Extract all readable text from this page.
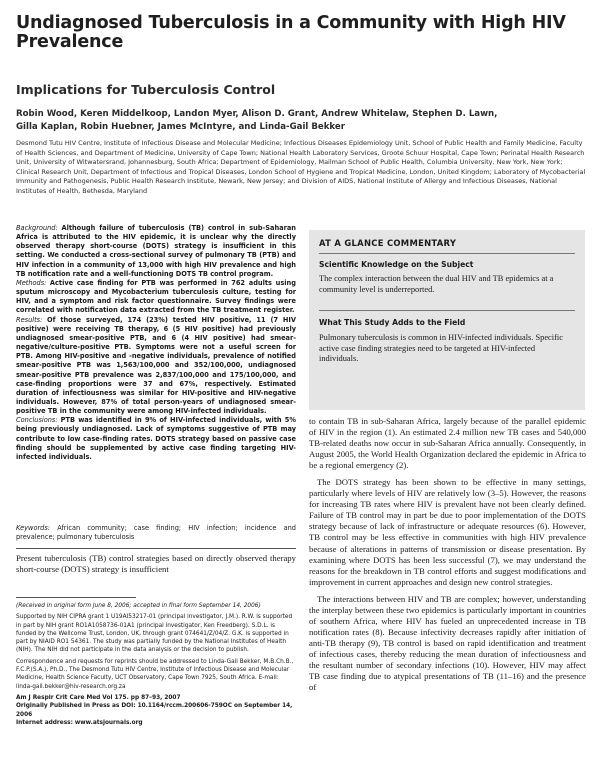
Undiagnosed Tuberculosis in a Community with High HIV Prevalence
Implications for Tuberculosis Control
Robin Wood, Keren Middelkoop, Landon Myer, Alison D. Grant, Andrew Whitelaw, Stephen D. Lawn,
Gilla Kaplan, Robin Huebner, James McIntyre, and Linda-Gail Bekker
Desmond Tutu HIV Centre, Institute of Infectious Disease and Molecular Medicine; Infectious Diseases Epidemiology Unit, School of Public Health and Family Medicine, Faculty of Health Sciences, and Department of Medicine, University of Cape Town; National Health Laboratory Services, Groote Schuur Hospital, Cape Town; Perinatal Health Research Unit, University of Witwatersrand, Johannesburg, South Africa; Department of Epidemiology, Mailman School of Public Health, Columbia University, New York, New York; Clinical Research Unit, Department of Infectious and Tropical Diseases, London School of Hygiene and Tropical Medicine, London, United Kingdom; Laboratory of Mycobacterial Immunity and Pathogenesis, Public Health Research Institute, Newark, New Jersey; and Division of AIDS, National Institute of Allergy and Infectious Diseases, National Institutes of Health, Bethesda, Maryland

Background: Although failure of tuberculosis (TB) control in sub-Saharan Africa is attributed to the HIV epidemic, it is unclear why the directly observed therapy short-course (DOTS) strategy is insufficient in this setting. We conducted a cross-sectional survey of pulmonary TB (PTB) and HIV infection in a community of 13,000 with high HIV prevalence and high TB notification rate and a well-functioning DOTS TB control program.

Methods: Active case finding for PTB was performed in 762 adults using sputum microscopy and Mycobacterium tuberculosis culture, testing for HIV, and a symptom and risk factor questionnaire. Survey findings were correlated with notification data extracted from the TB treatment register.

Results: Of those surveyed, 174 (23%) tested HIV positive, 11 (7 HIV positive) were receiving TB therapy, 6 (5 HIV positive) had previously undiagnosed smear-positive PTB, and 6 (4 HIV positive) had smear-negative/culture-positive PTB. Symptoms were not a useful screen for PTB. Among HIV-positive and -negative individuals, prevalence of notified smear-positive PTB was 1,563/100,000 and 352/100,000, undiagnosed smear-positive PTB prevalence was 2,837/100,000 and 175/100,000, and case-finding proportions were 37 and 67%, respectively. Estimated duration of infectiousness was similar for HIV-positive and HIV-negative individuals. However, 87% of total person-years of undiagnosed smear-positive TB in the community were among HIV-infected individuals.

Conclusions: PTB was identified in 9% of HIV-infected individuals, with 5% being previously undiagnosed. Lack of symptoms suggestive of PTB may contribute to low case-finding rates. DOTS strategy based on passive case finding should be supplemented by active case finding targeting HIV-infected individuals.

Keywords: African community; case finding; HIV infection; incidence and prevalence; pulmonary tuberculosis
Present tuberculosis (TB) control strategies based on directly observed therapy short-course (DOTS) strategy is insufficient

(Received in original form June 8, 2006; accepted in final form September 14, 2006)

Supported by NIH CIPRA grant 1 U19AI53217-01 (principal investigator, J.M.). R.W. is supported in part by NIH grant RO1A1058736-01A1 (principal investigator, Ken Freedberg). S.D.L. is funded by the Wellcome Trust, London, UK, through grant 074641/Z/04/Z. G.K. is supported in part by NIAID RO1 54361. The study was partially funded by the National Institutes of Health (NIH). The NIH did not participate in the data analysis or the decision to publish.

Correspondence and requests for reprints should be addressed to Linda-Gail Bekker, M.B.Ch.B., F.C.P.(S.A.), Ph.D., The Desmond Tutu HIV Centre, Institute of Infectious Disease and Molecular Medicine, Health Science Faculty, UCT Observatory, Cape Town 7925, South Africa. E-mail: linda-gail.bekker@hiv-research.org.za

Am J Respir Crit Care Med Vol 175. pp 87–93, 2007
Originally Published in Press as DOI: 10.1164/rccm.200606-759OC on September 14, 2006
Internet address: www.atsjournals.org
AT A GLANCE COMMENTARY
Scientific Knowledge on the Subject
The complex interaction between the dual HIV and TB epidemics at a community level is underreported.
What This Study Adds to the Field
Pulmonary tuberculosis is common in HIV-infected individuals. Specific active case finding strategies need to be targeted at HIV-infected individuals.

to contain TB in sub-Saharan Africa, largely because of the parallel epidemic of HIV in the region (1). An estimated 2.4 million new TB cases and 540,000 TB-related deaths now occur in sub-Saharan Africa annually. Consequently, in August 2005, the World Health Organization declared the epidemic in Africa to be a regional emergency (2).

The DOTS strategy has been shown to be effective in many settings, particularly where levels of HIV are relatively low (3–5). However, the reasons for increasing TB rates where HIV is prevalent have not been clearly defined. Failure of TB control may in part be due to poor implementation of the DOTS strategy because of lack of infrastructure or adequate resources (6). However, TB control may be less effective in communities with high HIV prevalence because of alterations in patterns of transmission or disease presentation. By examining where DOTS has been less successful (7), we may understand the reasons for the breakdown in TB control efforts and suggest modifications and improvement in current approaches and design new control strategies.

The interactions between HIV and TB are complex; however, understanding the interplay between these two epidemics is particularly important in countries of southern Africa, where HIV has fueled an unprecedented increase in TB notification rates (8). Because infectivity decreases rapidly after initiation of anti-TB therapy (9), TB control is based on rapid identification and treatment of infectious cases, thereby reducing the mean duration of infectiousness and the resultant number of secondary infections (10). However, HIV may affect TB case finding due to atypical presentations of TB (11–16) and the presence of
